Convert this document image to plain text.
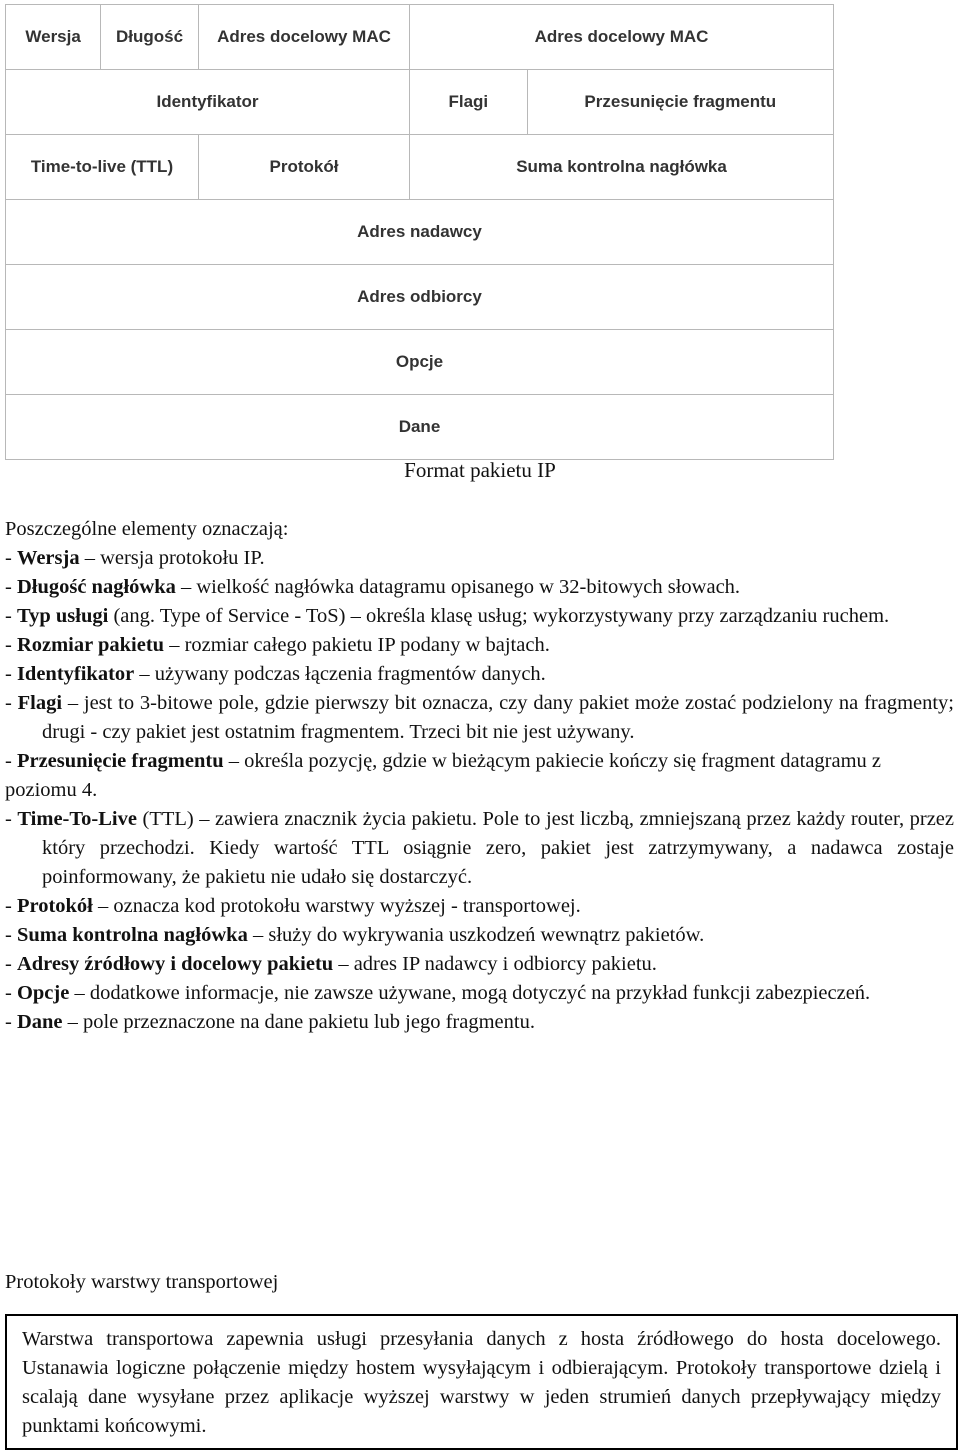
Wersja	Długość	Adres docelowy MAC	Adres docelowy MAC	
Identyfikator			Flagi	Przesunięcie fragmentu
Time-to-live (TTL)		Protokół	Suma kontrolna nagłówka	
Adres nadawcy				
Adres odbiorcy				
Opcje				
Dane				
Format pakietu IP
Poszczególne elementy oznaczają:
- Wersja – wersja protokołu IP.
- Długość nagłówka – wielkość nagłówka datagramu opisanego w 32-bitowych słowach.
- Typ usługi (ang. Type of Service - ToS) – określa klasę usług; wykorzystywany przy zarządzaniu ruchem.
- Rozmiar pakietu – rozmiar całego pakietu IP podany w bajtach.
- Identyfikator – używany podczas łączenia fragmentów danych.
- Flagi – jest to 3-bitowe pole, gdzie pierwszy bit oznacza, czy dany pakiet może zostać podzielony na fragmenty; drugi - czy pakiet jest ostatnim fragmentem. Trzeci bit nie jest używany.
- Przesunięcie fragmentu – określa pozycję, gdzie w bieżącym pakiecie kończy się fragment datagramu z poziomu 4.
- Time-To-Live (TTL) – zawiera znacznik życia pakietu. Pole to jest liczbą, zmniejszaną przez każdy router, przez który przechodzi. Kiedy wartość TTL osiągnie zero, pakiet jest zatrzymywany, a nadawca zostaje poinformowany, że pakietu nie udało się dostarczyć.
- Protokół – oznacza kod protokołu warstwy wyższej - transportowej.
- Suma kontrolna nagłówka – służy do wykrywania uszkodzeń wewnątrz pakietów.
- Adresy źródłowy i docelowy pakietu – adres IP nadawcy i odbiorcy pakietu.
- Opcje – dodatkowe informacje, nie zawsze używane, mogą dotyczyć na przykład funkcji zabezpieczeń.
- Dane – pole przeznaczone na dane pakietu lub jego fragmentu.
Protokoły warstwy transportowej
Warstwa transportowa zapewnia usługi przesyłania danych z hosta źródłowego do hosta docelowego. Ustanawia logiczne połączenie między hostem wysyłającym i odbierającym. Protokoły transportowe dzielą i scalają dane wysyłane przez aplikacje wyższej warstwy w jeden strumień danych przepływający między punktami końcowymi.
